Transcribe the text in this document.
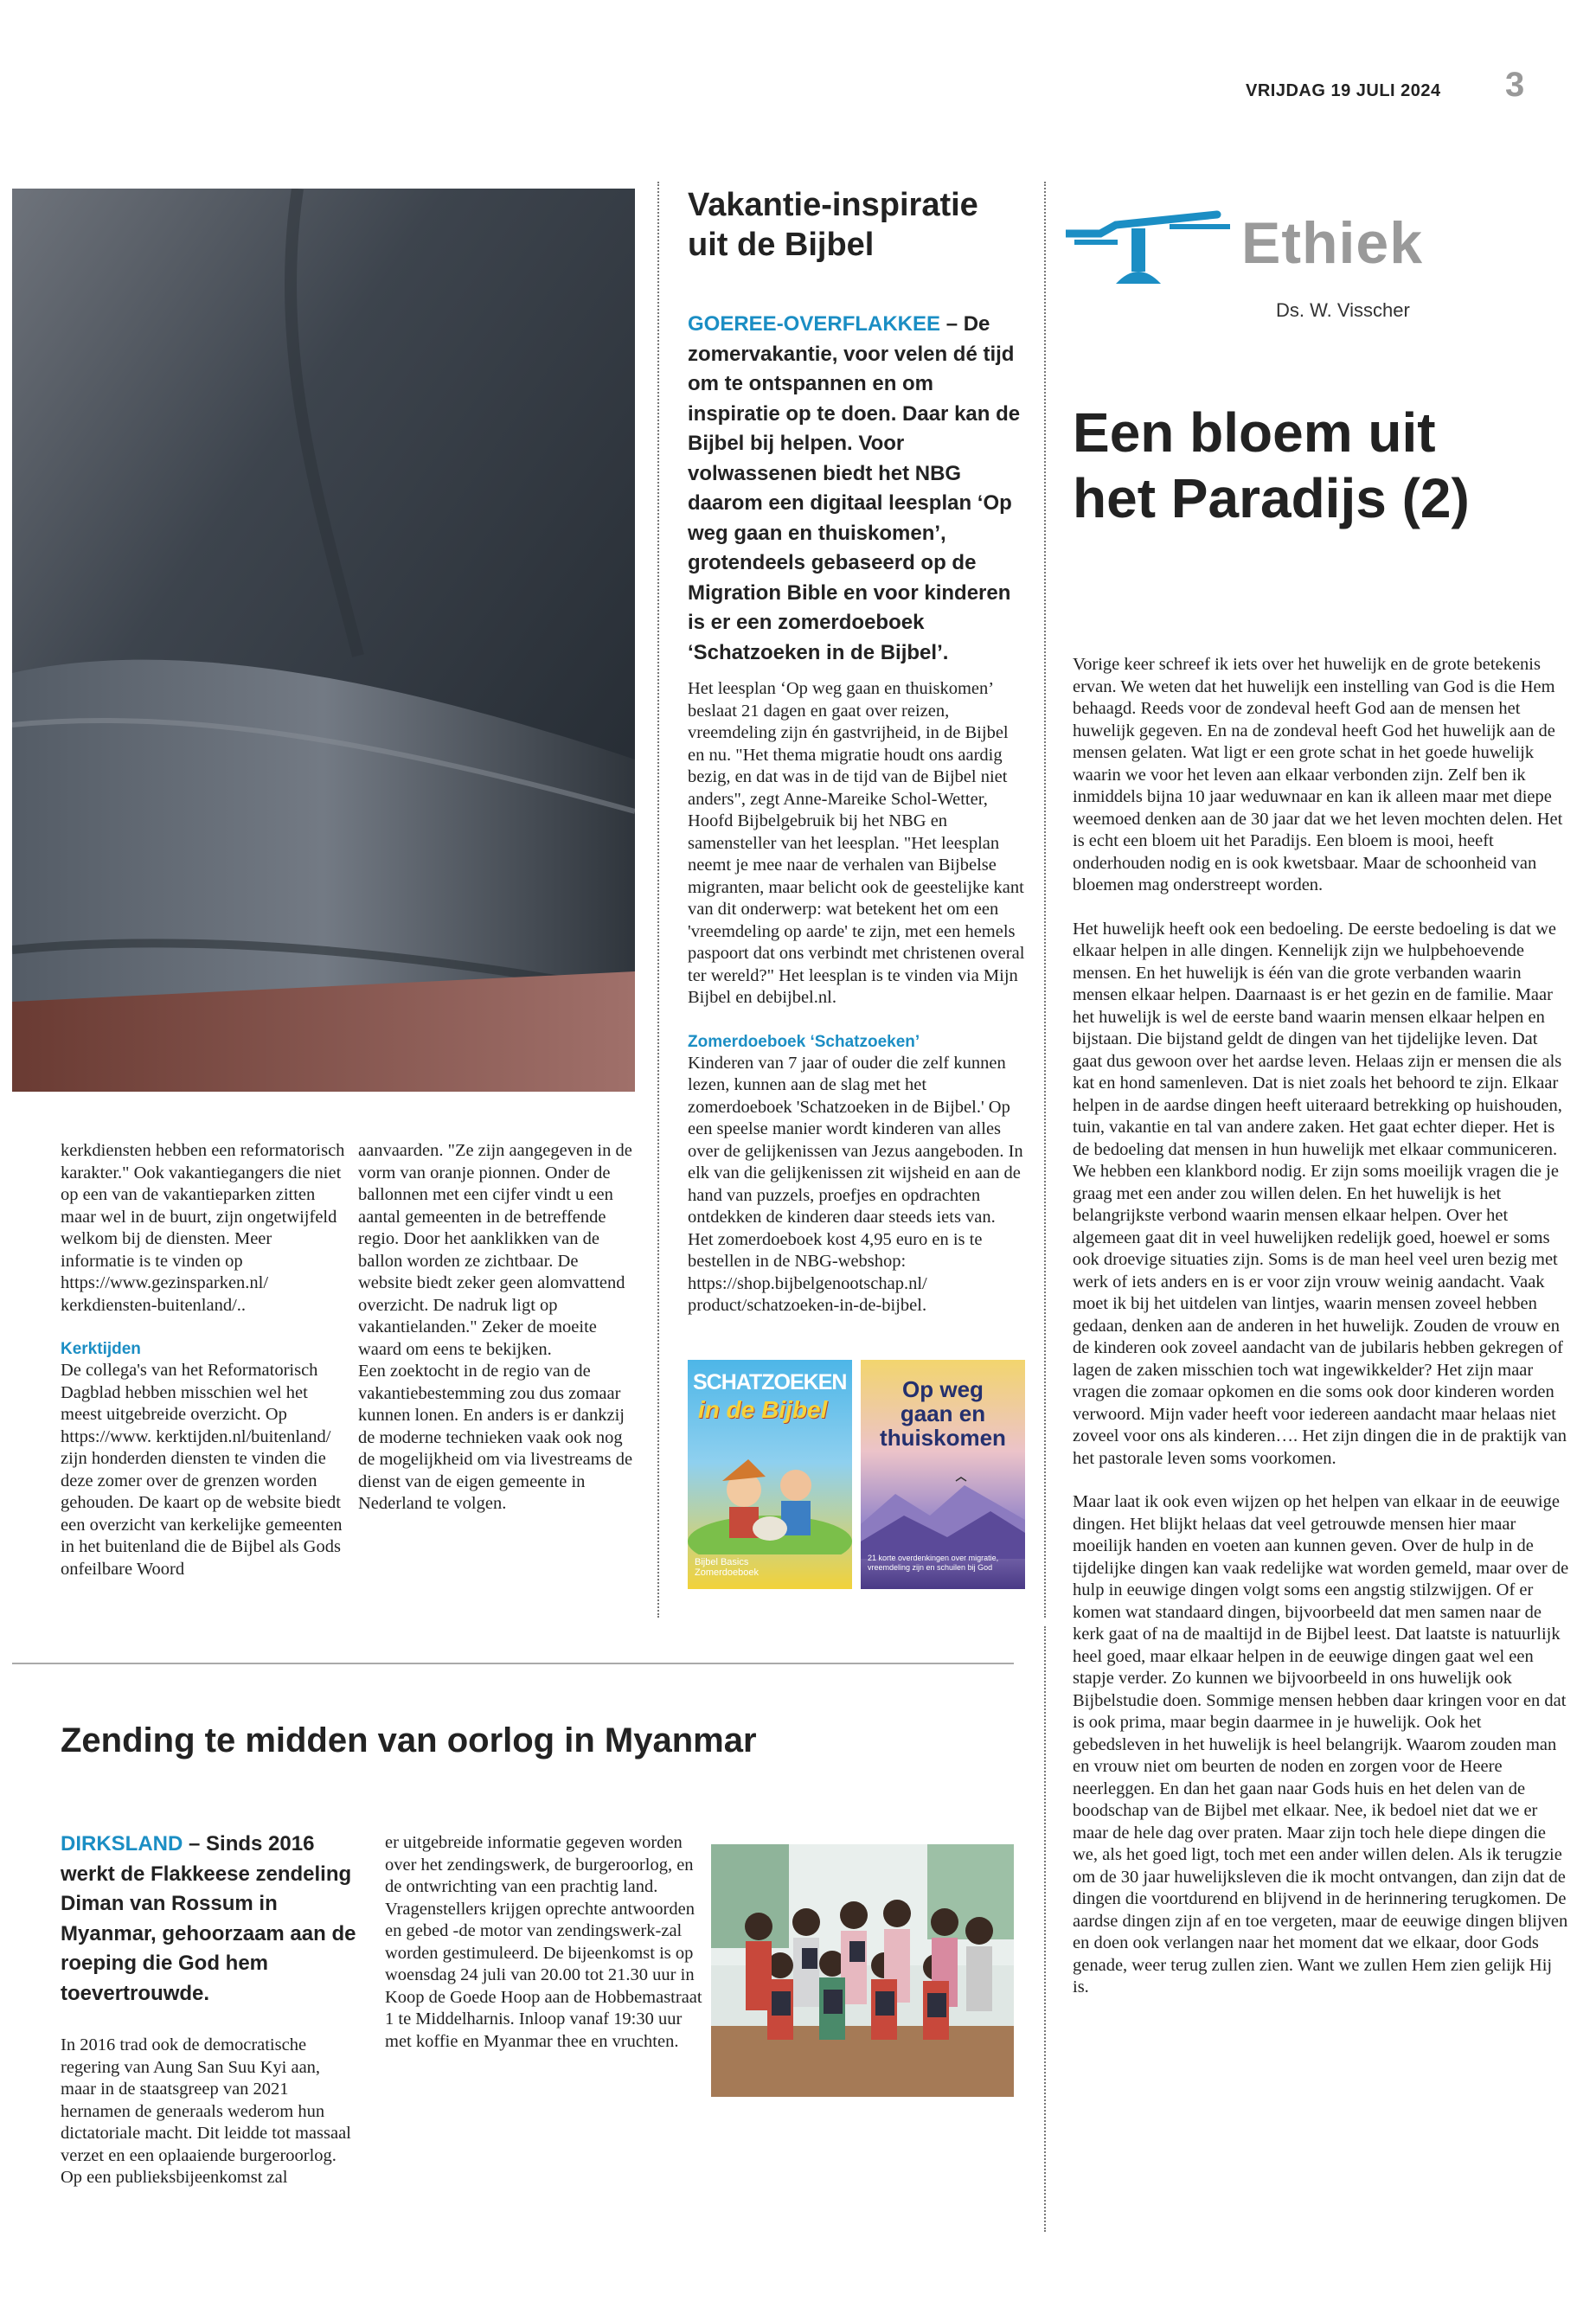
VRIJDAG 19 JULI 2024 3
kerkdiensten hebben een reformatorisch karakter." Ook vakantiegangers die niet op een van de vakantieparken zitten maar wel in de buurt, zijn ongetwijfeld welkom bij de diensten. Meer informatie is te vinden op https://www.gezinsparken.nl/ kerkdiensten-buitenland/..
Kerktijden
De collega's van het Reformatorisch Dagblad hebben misschien wel het meest uitgebreide overzicht. Op https://www. kerktijden.nl/buitenland/ zijn honderden diensten te vinden die deze zomer over de grenzen worden gehouden. De kaart op de website biedt een overzicht van kerkelijke gemeenten in het buitenland die de Bijbel als Gods onfeilbare Woord
aanvaarden. "Ze zijn aangegeven in de vorm van oranje pionnen. Onder de ballonnen met een cijfer vindt u een aantal gemeenten in de betreffende regio. Door het aanklikken van de ballon worden ze zichtbaar. De website biedt zeker geen alomvattend overzicht. De nadruk ligt op vakantielanden." Zeker de moeite waard om eens te bekijken.
Een zoektocht in de regio van de vakantiebestemming zou dus zomaar kunnen lonen. En anders is er dankzij de moderne technieken vaak ook nog de mogelijkheid om via livestreams de dienst van de eigen gemeente in Nederland te volgen.
Vakantie-inspiratie
uit de Bijbel
GOEREE-OVERFLAKKEE – De zomervakantie, voor velen dé tijd om te ontspannen en om inspiratie op te doen. Daar kan de Bijbel bij helpen. Voor volwassenen biedt het NBG daarom een digitaal leesplan ‘Op weg gaan en thuiskomen’, grotendeels gebaseerd op de Migration Bible en voor kinderen is er een zomerdoeboek ‘Schatzoeken in de Bijbel’.
Het leesplan ‘Op weg gaan en thuiskomen’ beslaat 21 dagen en gaat over reizen, vreemdeling zijn én gastvrijheid, in de Bijbel en nu. "Het thema migratie houdt ons aardig bezig, en dat was in de tijd van de Bijbel niet anders", zegt Anne-Mareike Schol-Wetter, Hoofd Bijbelgebruik bij het NBG en samensteller van het leesplan. "Het leesplan neemt je mee naar de verhalen van Bijbelse migranten, maar belicht ook de geestelijke kant van dit onderwerp: wat betekent het om een 'vreemdeling op aarde' te zijn, met een hemels paspoort dat ons verbindt met christenen overal ter wereld?" Het leesplan is te vinden via Mijn Bijbel en debijbel.nl.
Zomerdoeboek ‘Schatzoeken’
Kinderen van 7 jaar of ouder die zelf kunnen lezen, kunnen aan de slag met het zomerdoeboek 'Schatzoeken in de Bijbel.' Op een speelse manier wordt kinderen van alles over de gelijkenissen van Jezus aangeboden. In elk van die gelijkenissen zit wijsheid en aan de hand van puzzels, proefjes en opdrachten ontdekken de kinderen daar steeds iets van. Het zomerdoeboek kost 4,95 euro en is te bestellen in de NBG-webshop: https://shop.bijbelgenootschap.nl/ product/schatzoeken-in-de-bijbel.
SCHATZOEKEN
in de Bijbel
Bijbel Basics
Zomerdoeboek
Op weg
gaan en
thuiskomen
21 korte overdenkingen over migratie, vreemdeling zijn en schuilen bij God
Ethiek
Ds. W. Visscher
Een bloem uit
het Paradijs (2)

Vorige keer schreef ik iets over het huwelijk en de grote betekenis ervan. We weten dat het huwelijk een instelling van God is die Hem behaagd. Reeds voor de zondeval heeft God aan de mensen het huwelijk gegeven. En na de zondeval heeft God het huwelijk aan de mensen gelaten. Wat ligt er een grote schat in het goede huwelijk waarin we voor het leven aan elkaar verbonden zijn. Zelf ben ik inmiddels bijna 10 jaar weduwnaar en kan ik alleen maar met diepe weemoed denken aan de 30 jaar dat we het leven mochten delen. Het is echt een bloem uit het Paradijs. Een bloem is mooi, heeft onderhouden nodig en is ook kwetsbaar. Maar de schoonheid van bloemen mag onderstreept worden.

Het huwelijk heeft ook een bedoeling. De eerste bedoeling is dat we elkaar helpen in alle dingen. Kennelijk zijn we hulpbehoevende mensen. En het huwelijk is één van die grote verbanden waarin mensen elkaar helpen. Daarnaast is er het gezin en de familie. Maar het huwelijk is wel de eerste band waarin mensen elkaar helpen en bijstaan. Die bijstand geldt de dingen van het tijdelijke leven. Dat gaat dus gewoon over het aardse leven. Helaas zijn er mensen die als kat en hond samenleven. Dat is niet zoals het behoord te zijn. Elkaar helpen in de aardse dingen heeft uiteraard betrekking op huishouden, tuin, vakantie en tal van andere zaken. Het gaat echter dieper. Het is de bedoeling dat mensen in hun huwelijk met elkaar communiceren. We hebben een klankbord nodig. Er zijn soms moeilijk vragen die je graag met een ander zou willen delen. En het huwelijk is het belangrijkste verbond waarin mensen elkaar helpen. Over het algemeen gaat dit in veel huwelijken redelijk goed, hoewel er soms ook droevige situaties zijn. Soms is de man heel veel uren bezig met werk of iets anders en is er voor zijn vrouw weinig aandacht. Vaak moet ik bij het uitdelen van lintjes, waarin mensen zoveel hebben gedaan, denken aan de anderen in het huwelijk. Zouden de vrouw en de kinderen ook zoveel aandacht van de jubilaris hebben gekregen of lagen de zaken misschien toch wat ingewikkelder? Het zijn maar vragen die zomaar opkomen en die soms ook door kinderen worden verwoord. Mijn vader heeft voor iedereen aandacht maar helaas niet zoveel voor ons als kinderen…. Het zijn dingen die in de praktijk van het pastorale leven soms voorkomen.

Maar laat ik ook even wijzen op het helpen van elkaar in de eeuwige dingen. Het blijkt helaas dat veel getrouwde mensen hier maar moeilijk handen en voeten aan kunnen geven. Over de hulp in de tijdelijke dingen kan vaak redelijke wat worden gemeld, maar over de hulp in eeuwige dingen volgt soms een angstig stilzwijgen. Of er komen wat standaard dingen, bijvoorbeeld dat men samen naar de kerk gaat of na de maaltijd in de Bijbel leest. Dat laatste is natuurlijk heel goed, maar elkaar helpen in de eeuwige dingen gaat wel een stapje verder. Zo kunnen we bijvoorbeeld in ons huwelijk ook Bijbelstudie doen. Sommige mensen hebben daar kringen voor en dat is ook prima, maar begin daarmee in je huwelijk. Ook het gebedsleven in het huwelijk is heel belangrijk. Waarom zouden man en vrouw niet om beurten de noden en zorgen voor de Heere neerleggen. En dan het gaan naar Gods huis en het delen van de boodschap van de Bijbel met elkaar. Nee, ik bedoel niet dat we er maar de hele dag over praten. Maar zijn toch hele diepe dingen die we, als het goed ligt, toch met een ander willen delen. Als ik terugzie om de 30 jaar huwelijksleven die ik mocht ontvangen, dan zijn dat de dingen die voortdurend en blijvend in de herinnering terugkomen. De aardse dingen zijn af en toe vergeten, maar de eeuwige dingen blijven en doen ook verlangen naar het moment dat we elkaar, door Gods genade, weer terug zullen zien. Want we zullen Hem zien gelijk Hij is.

Zending te midden van oorlog in Myanmar
DIRKSLAND – Sinds 2016 werkt de Flakkeese zendeling Diman van Rossum in Myanmar, gehoorzaam aan de roeping die God hem toevertrouwde.
In 2016 trad ook de democratische regering van Aung San Suu Kyi aan, maar in de staatsgreep van 2021 hernamen de generaals wederom hun dictatoriale macht. Dit leidde tot massaal verzet en een oplaaiende burgeroorlog.
Op een publieksbijeenkomst zal
er uitgebreide informatie gegeven worden over het zendingswerk, de burgeroorlog, en de ontwrichting van een prachtig land. Vragenstellers krijgen oprechte antwoorden en gebed -de motor van zendingswerk-zal worden gestimuleerd. De bijeenkomst is op woensdag 24 juli van 20.00 tot 21.30 uur in Koop de Goede Hoop aan de Hobbemastraat 1 te Middelharnis. Inloop vanaf 19:30 uur met koffie en Myanmar thee en vruchten.
